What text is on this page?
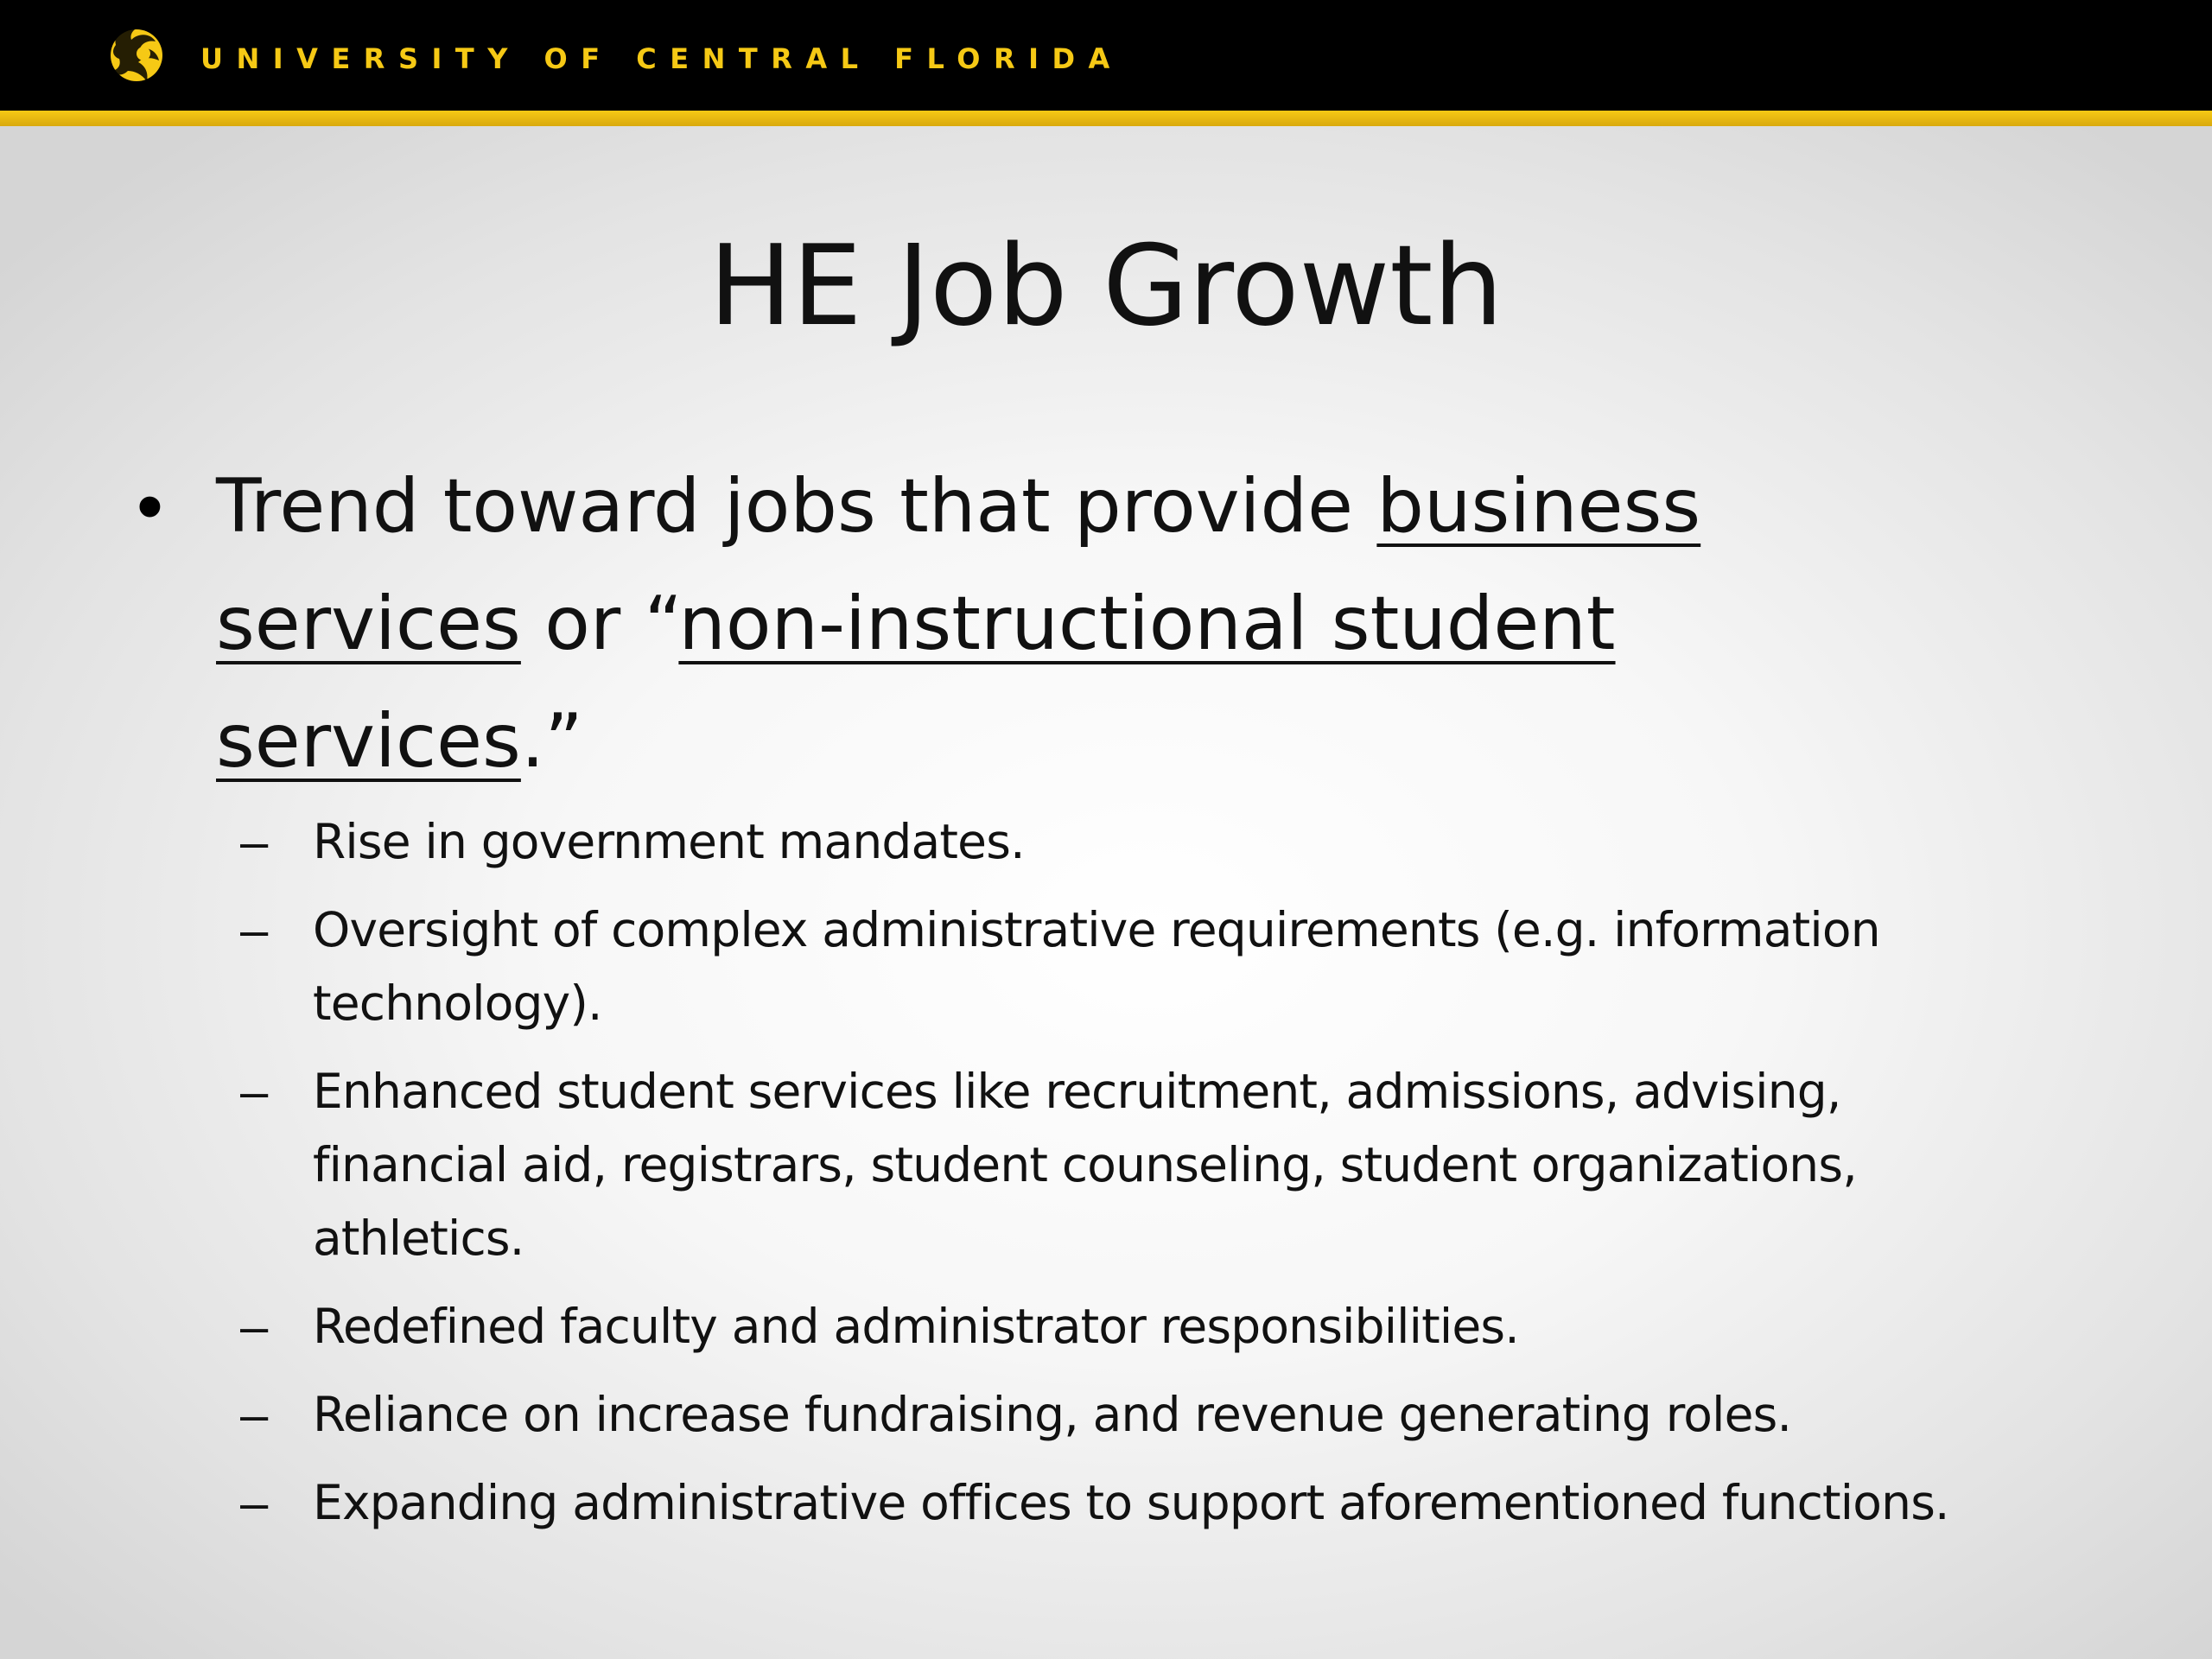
UNIVERSITY OF CENTRAL FLORIDA
HE Job Growth
• Trend toward jobs that provide business
services or “non-instructional student
services.”
– Rise in government mandates.
– Oversight of complex administrative requirements (e.g. information
technology).
– Enhanced student services like recruitment, admissions, advising,
financial aid, registrars, student counseling, student organizations,
athletics.
– Redefined faculty and administrator responsibilities.
– Reliance on increase fundraising, and revenue generating roles.
– Expanding administrative offices to support aforementioned functions.
